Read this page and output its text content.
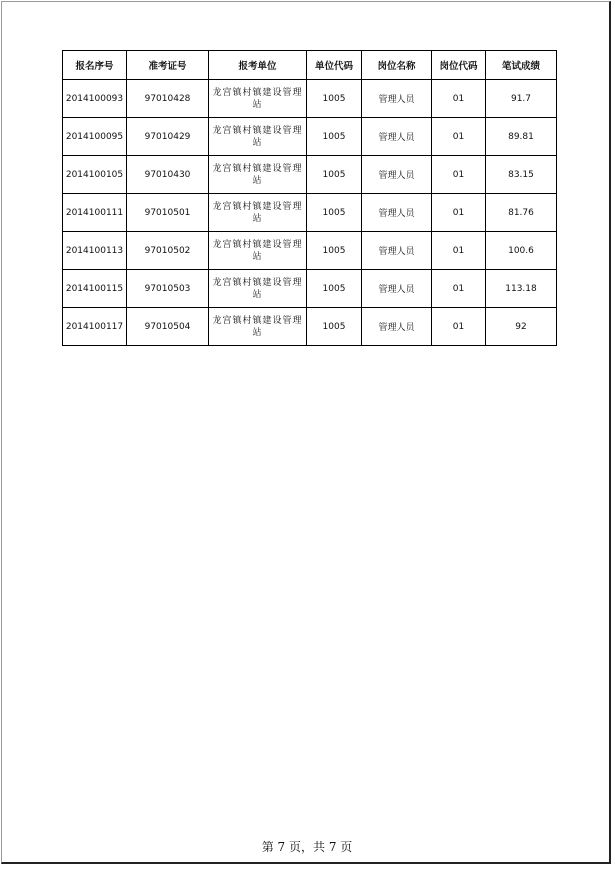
报名序号	准考证号	报考单位	单位代码	岗位名称	岗位代码	笔试成绩
2014100093	97010428	龙宫镇村镇建设管理站	1005	管理人员	01	91.7
2014100095	97010429	龙宫镇村镇建设管理站	1005	管理人员	01	89.81
2014100105	97010430	龙宫镇村镇建设管理站	1005	管理人员	01	83.15
2014100111	97010501	龙宫镇村镇建设管理站	1005	管理人员	01	81.76
2014100113	97010502	龙宫镇村镇建设管理站	1005	管理人员	01	100.6
2014100115	97010503	龙宫镇村镇建设管理站	1005	管理人员	01	113.18
2014100117	97010504	龙宫镇村镇建设管理站	1005	管理人员	01	92
第 7 页，共 7 页
